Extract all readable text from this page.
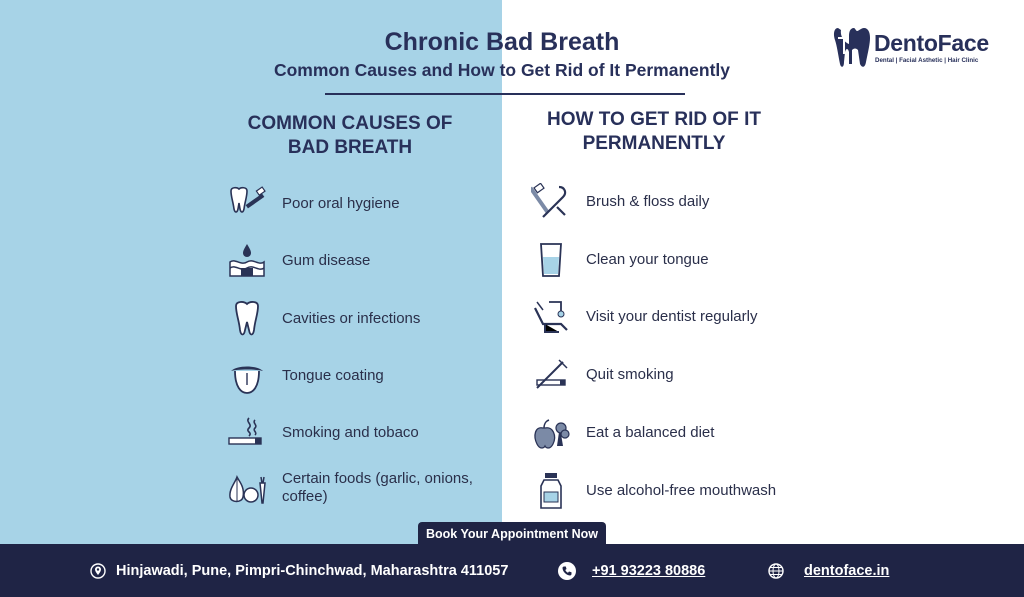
Chronic Bad Breath
Common Causes and How to Get Rid of It Permanently
DentoFace
Dental | Facial Asthetic | Hair Clinic
COMMON CAUSES OF
BAD BREATH
HOW TO GET RID OF IT
PERMANENTLY
Poor oral hygiene
Gum disease
Cavities or infections
Tongue coating
Smoking and tobaco
Certain foods (garlic, onions, coffee)
Brush & floss daily
Clean your tongue
Visit your dentist regularly
Quit smoking
Eat a balanced diet
Use alcohol-free mouthwash
Book Your Appointment Now
Hinjawadi, Pune, Pimpri-Chinchwad, Maharashtra 411057	+91 93223 80886	dentoface.in
